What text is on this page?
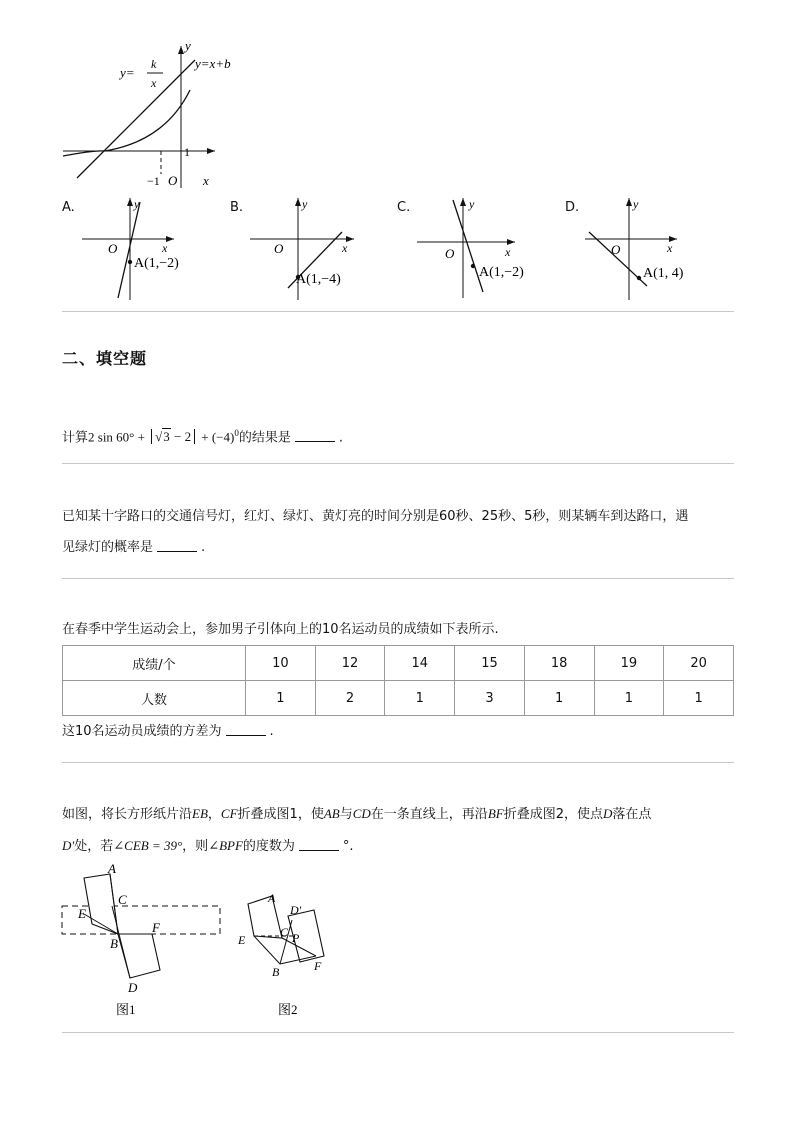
y
x
O
1
−1
y=
k
x
y=x+b
A.	y
x
O
A(1,−2)
B.	y
x
O
A(1,−4)
C.	y
x
O
A(1,−2)
D.	y
x
O
A(1, 4)
二、填空题
计算2 $\sin 60^\circ + √3 - 2 + (-4)^0$的结果是	.
已知某十字路口的交通信号灯，红灯、绿灯、黄灯亮的时间分别是60秒、25秒、5秒，则某辆车到达路口，遇
见绿灯的概率是	.
在春季中学生运动会上，参加男子引体向上的10名运动员的成绩如下表所示.
成绩/个	10	12	14	15	18	19	20
人数	1	2	1	3	1	1	1
这10名运动员成绩的方差为	.
如图，将长方形纸片沿EB，CF折叠成图1，使AB与CD在一条直线上，再沿BF折叠成图2，使点D落在点
D′处，若∠CEB = 39°，则∠BPF的度数为	°.
A
C
E
B
F
D
图1
A
D′
E
C P
B	F
图2
